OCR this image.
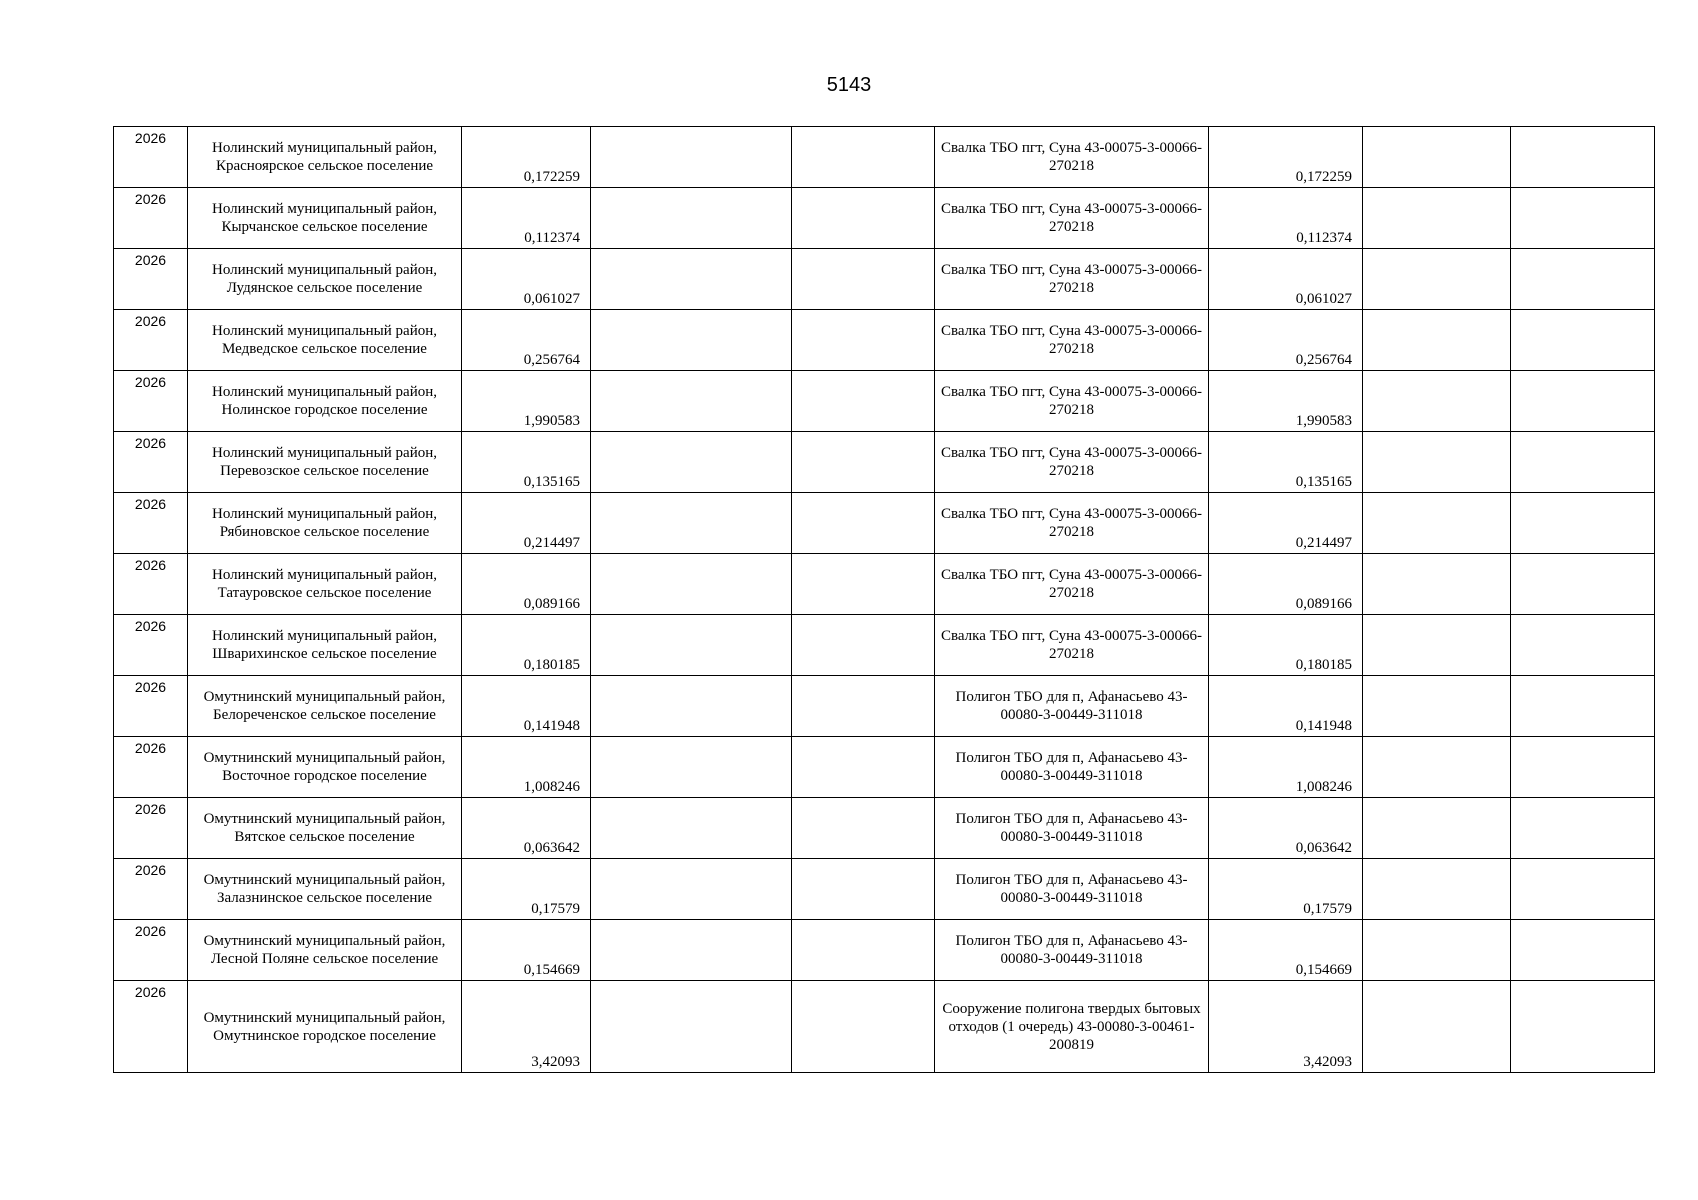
5143
2026	Нолинский муниципальный район, Красноярское сельское поселение	0,172259			Свалка ТБО пгт, Суна 43-00075-3-00066-270218	0,172259		

2026	Нолинский муниципальный район, Кырчанское сельское поселение	0,112374			Свалка ТБО пгт, Суна 43-00075-3-00066-270218	0,112374		

2026	Нолинский муниципальный район, Лудянское сельское поселение	0,061027			Свалка ТБО пгт, Суна 43-00075-3-00066-270218	0,061027		

2026	Нолинский муниципальный район, Медведское сельское поселение	0,256764			Свалка ТБО пгт, Суна 43-00075-3-00066-270218	0,256764		

2026	Нолинский муниципальный район, Нолинское городское поселение	1,990583			Свалка ТБО пгт, Суна 43-00075-3-00066-270218	1,990583		

2026	Нолинский муниципальный район, Перевозское сельское поселение	0,135165			Свалка ТБО пгт, Суна 43-00075-3-00066-270218	0,135165		

2026	Нолинский муниципальный район, Рябиновское сельское поселение	0,214497			Свалка ТБО пгт, Суна 43-00075-3-00066-270218	0,214497		

2026	Нолинский муниципальный район, Татауровское сельское поселение	0,089166			Свалка ТБО пгт, Суна 43-00075-3-00066-270218	0,089166		

2026	Нолинский муниципальный район, Шварихинское сельское поселение	0,180185			Свалка ТБО пгт, Суна 43-00075-3-00066-270218	0,180185		

2026	Омутнинский муниципальный район, Белореченское сельское поселение	0,141948			Полигон ТБО для п, Афанасьево 43-00080-3-00449-311018	0,141948		

2026	Омутнинский муниципальный район, Восточное городское поселение	1,008246			Полигон ТБО для п, Афанасьево 43-00080-3-00449-311018	1,008246		

2026	Омутнинский муниципальный район, Вятское сельское поселение	0,063642			Полигон ТБО для п, Афанасьево 43-00080-3-00449-311018	0,063642		

2026	Омутнинский муниципальный район, Залазнинское сельское поселение	0,17579			Полигон ТБО для п, Афанасьево 43-00080-3-00449-311018	0,17579		

2026	Омутнинский муниципальный район, Лесной Поляне сельское поселение	0,154669			Полигон ТБО для п, Афанасьево 43-00080-3-00449-311018	0,154669		

2026	Омутнинский муниципальный район, Омутнинское городское поселение	3,42093			Сооружение полигона твердых бытовых отходов (1 очередь) 43-00080-3-00461-200819	3,42093		
